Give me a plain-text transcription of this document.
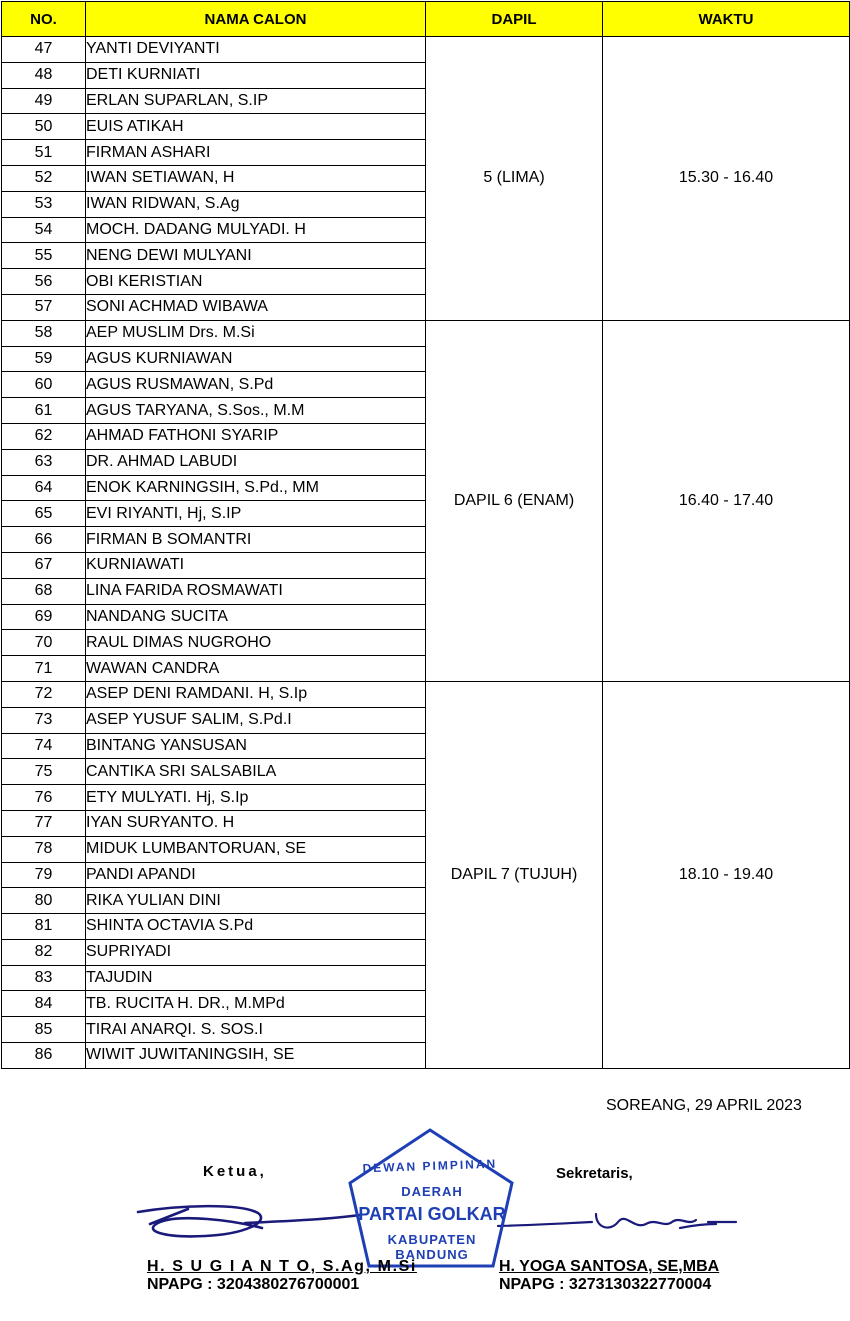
NO.	NAMA CALON	DAPIL	WAKTU
47	YANTI DEVIYANTI	5 (LIMA)	15.30 - 16.40
48	DETI KURNIATI		
49	ERLAN SUPARLAN, S.IP		
50	EUIS ATIKAH		
51	FIRMAN ASHARI		
52	IWAN SETIAWAN, H		
53	IWAN RIDWAN, S.Ag		
54	MOCH. DADANG MULYADI. H		
55	NENG DEWI MULYANI		
56	OBI KERISTIAN		
57	SONI ACHMAD WIBAWA		
58	AEP MUSLIM Drs. M.Si	DAPIL 6 (ENAM)	16.40 - 17.40
59	AGUS KURNIAWAN		
60	AGUS RUSMAWAN, S.Pd		
61	AGUS TARYANA, S.Sos., M.M		
62	AHMAD FATHONI SYARIP		
63	DR. AHMAD LABUDI		
64	ENOK KARNINGSIH, S.Pd., MM		
65	EVI RIYANTI, Hj, S.IP		
66	FIRMAN B SOMANTRI		
67	KURNIAWATI		
68	LINA FARIDA ROSMAWATI		
69	NANDANG SUCITA		
70	RAUL DIMAS NUGROHO		
71	WAWAN CANDRA		
72	ASEP DENI RAMDANI. H, S.Ip	DAPIL 7 (TUJUH)	18.10 - 19.40
73	ASEP YUSUF SALIM, S.Pd.I		
74	BINTANG YANSUSAN		
75	CANTIKA SRI SALSABILA		
76	ETY MULYATI. Hj, S.Ip		
77	IYAN SURYANTO. H		
78	MIDUK LUMBANTORUAN, SE		
79	PANDI APANDI		
80	RIKA YULIAN DINI		
81	SHINTA OCTAVIA S.Pd		
82	SUPRIYADI		
83	TAJUDIN		
84	TB. RUCITA H. DR., M.MPd		
85	TIRAI ANARQI. S. SOS.I		
86	WIWIT JUWITANINGSIH, SE		
SOREANG, 29 APRIL 2023
Ketua,	Sekretaris,
DEWAN PIMPINAN
DAERAH
PARTAI GOLKAR
KABUPATEN
BANDUNG
H. S U G I A N T O, S.Ag, M.Si
NPAPG : 3204380276700001
H. YOGA SANTOSA, SE,MBA
NPAPG : 3273130322770004
